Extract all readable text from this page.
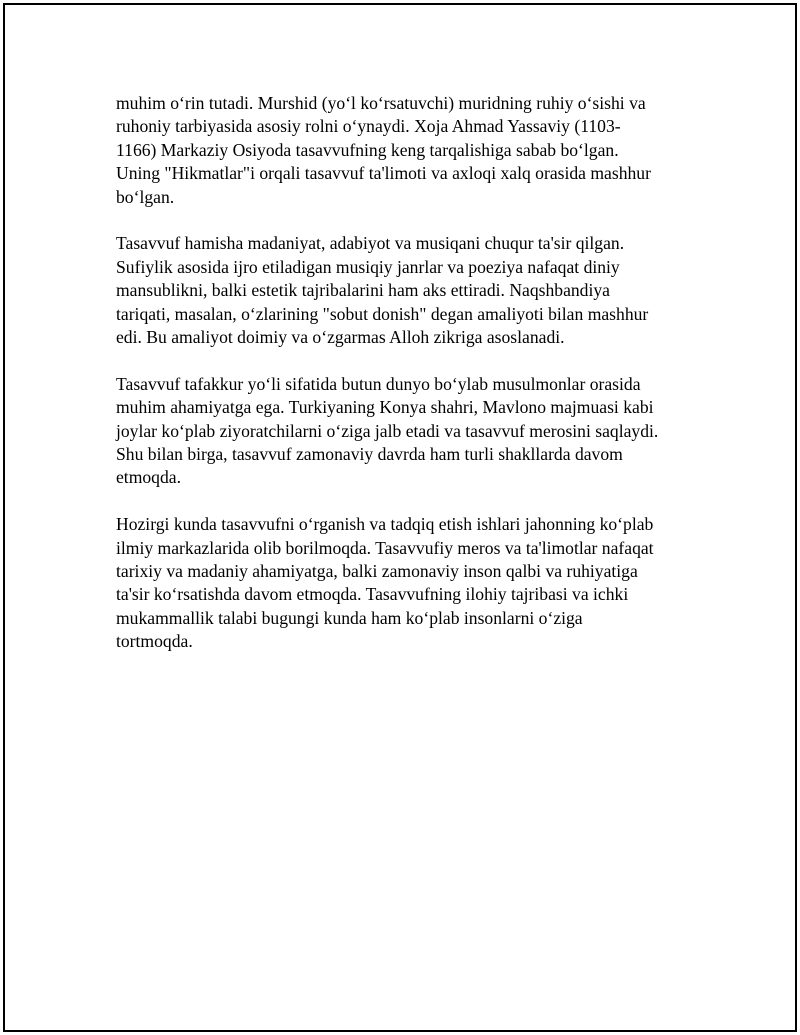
muhim o‘rin tutadi. Murshid (yo‘l ko‘rsatuvchi) muridning ruhiy o‘sishi va
ruhoniy tarbiyasida asosiy rolni o‘ynaydi. Xoja Ahmad Yassaviy (1103-
1166) Markaziy Osiyoda tasavvufning keng tarqalishiga sabab bo‘lgan.
Uning "Hikmatlar"i orqali tasavvuf ta'limoti va axloqi xalq orasida mashhur
bo‘lgan.

Tasavvuf hamisha madaniyat, adabiyot va musiqani chuqur ta'sir qilgan.
Sufiylik asosida ijro etiladigan musiqiy janrlar va poeziya nafaqat diniy
mansublikni, balki estetik tajribalarini ham aks ettiradi. Naqshbandiya
tariqati, masalan, o‘zlarining "sobut donish" degan amaliyoti bilan mashhur
edi. Bu amaliyot doimiy va o‘zgarmas Alloh zikriga asoslanadi.

Tasavvuf tafakkur yo‘li sifatida butun dunyo bo‘ylab musulmonlar orasida
muhim ahamiyatga ega. Turkiyaning Konya shahri, Mavlono majmuasi kabi
joylar ko‘plab ziyoratchilarni o‘ziga jalb etadi va tasavvuf merosini saqlaydi.
Shu bilan birga, tasavvuf zamonaviy davrda ham turli shakllarda davom
etmoqda.

Hozirgi kunda tasavvufni o‘rganish va tadqiq etish ishlari jahonning ko‘plab
ilmiy markazlarida olib borilmoqda. Tasavvufiy meros va ta'limotlar nafaqat
tarixiy va madaniy ahamiyatga, balki zamonaviy inson qalbi va ruhiyatiga
ta'sir ko‘rsatishda davom etmoqda. Tasavvufning ilohiy tajribasi va ichki
mukammallik talabi bugungi kunda ham ko‘plab insonlarni o‘ziga
tortmoqda.
